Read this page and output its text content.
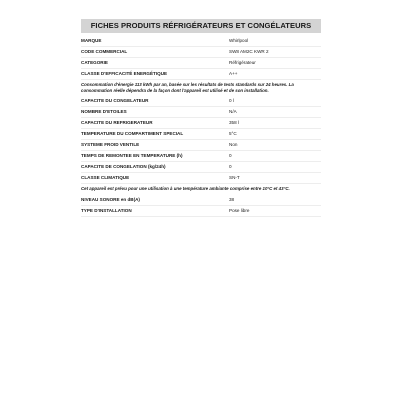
FICHES PRODUITS RÉFRIGÉRATEURS ET CONGÉLATEURS
MARQUE	Whirlpool
CODE COMMERCIAL	SW8 AM2C KWR 2
CATEGORIE	Réfrigérateur
CLASSE D'EFFICACITÉ ENERGÉTIQUE	A++
Consommation d'énergie 113 kWh par an, basée sur les résultats de tests standards sur 24 heures. La consommation réelle dépendra de la façon dont l'appareil est utilisé et de son installation.
CAPACITE DU CONGELATEUR	0 l
NOMBRE D'ETOILES	N/A
CAPACITE DU REFRIGERATEUR	358 l
TEMPERATURE DU COMPARTIMENT SPECIAL	5°C
SYSTEME FROID VENTILE	Non
TEMPS DE REMONTEE EN TEMPERATURE (h)	0
CAPACITE DE CONGELATION (kg/24h)	0
CLASSE CLIMATIQUE	SN-T
Cet appareil est prévu pour une utilisation à une température ambiante comprise entre 10°C et 43°C.
NIVEAU SONORE en dB(A)	38
TYPE D'INSTALLATION	Pose libre
